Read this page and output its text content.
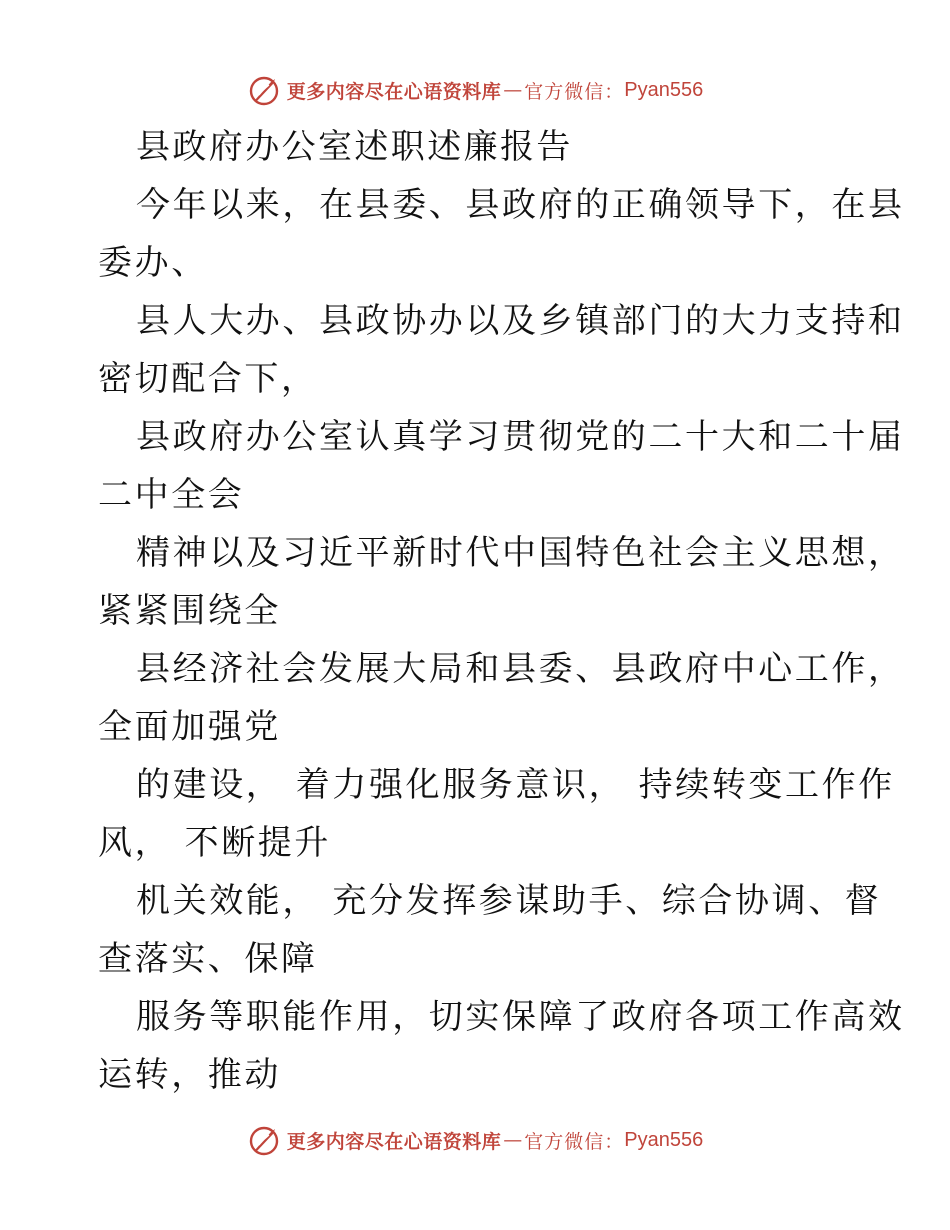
更多内容尽在心语资料库 — 官方微信： Pyan556
县政府办公室述职述廉报告
今年以来，在县委、县政府的正确领导下，在县
委办、
县人大办、县政协办以及乡镇部门的大力支持和
密切配合下，
县政府办公室认真学习贯彻党的二十大和二十届
二中全会
精神以及习近平新时代中国特色社会主义思想，
紧紧围绕全
县经济社会发展大局和县委、县政府中心工作，
全面加强党
的建设， 着力强化服务意识， 持续转变工作作
风， 不断提升
机关效能， 充分发挥参谋助手、综合协调、督
查落实、保障
服务等职能作用，切实保障了政府各项工作高效
运转，推动
更多内容尽在心语资料库 — 官方微信： Pyan556
